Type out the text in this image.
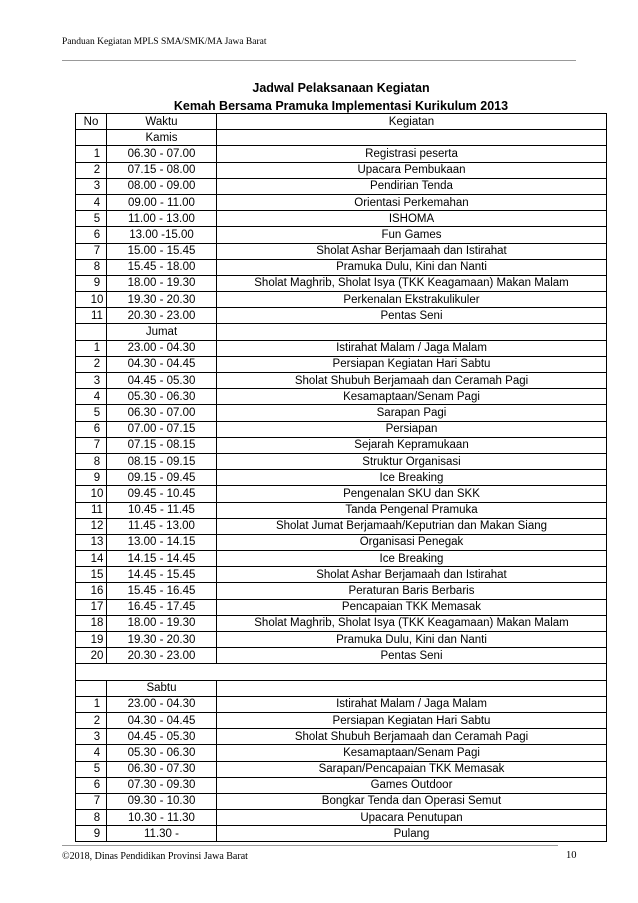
Panduan Kegiatan MPLS SMA/SMK/MA Jawa Barat
Jadwal Pelaksanaan Kegiatan
Kemah Bersama Pramuka Implementasi Kurikulum 2013
No	Waktu	Kegiatan
	Kamis	
1	06.30 - 07.00	Registrasi peserta
2	07.15 - 08.00	Upacara Pembukaan
3	08.00 - 09.00	Pendirian Tenda
4	09.00 - 11.00	Orientasi Perkemahan
5	11.00 - 13.00	ISHOMA
6	13.00 -15.00	Fun Games
7	15.00 - 15.45	Sholat Ashar Berjamaah dan Istirahat
8	15.45 - 18.00	Pramuka Dulu, Kini dan Nanti
9	18.00 - 19.30	Sholat Maghrib, Sholat Isya (TKK Keagamaan) Makan Malam
10	19.30 - 20.30	Perkenalan Ekstrakulikuler
11	20.30 - 23.00	Pentas Seni
	Jumat	
1	23.00 - 04.30	Istirahat Malam / Jaga Malam
2	04.30 - 04.45	Persiapan Kegiatan Hari Sabtu
3	04.45 - 05.30	Sholat Shubuh Berjamaah dan Ceramah Pagi
4	05.30 - 06.30	Kesamaptaan/Senam Pagi
5	06.30 - 07.00	Sarapan Pagi
6	07.00 - 07.15	Persiapan
7	07.15 - 08.15	Sejarah Kepramukaan
8	08.15 - 09.15	Struktur Organisasi
9	09.15 - 09.45	Ice Breaking
10	09.45 - 10.45	Pengenalan SKU dan SKK
11	10.45 - 11.45	Tanda Pengenal Pramuka
12	11.45 - 13.00	Sholat Jumat Berjamaah/Keputrian dan Makan Siang
13	13.00 - 14.15	Organisasi Penegak
14	14.15 - 14.45	Ice Breaking
15	14.45 - 15.45	Sholat Ashar Berjamaah dan Istirahat
16	15.45 - 16.45	Peraturan Baris Berbaris
17	16.45 - 17.45	Pencapaian TKK Memasak
18	18.00 - 19.30	Sholat Maghrib, Sholat Isya (TKK Keagamaan) Makan Malam
19	19.30 - 20.30	Pramuka Dulu, Kini dan Nanti
20	20.30 - 23.00	Pentas Seni

	Sabtu	
1	23.00 - 04.30	Istirahat Malam / Jaga Malam
2	04.30 - 04.45	Persiapan Kegiatan Hari Sabtu
3	04.45 - 05.30	Sholat Shubuh Berjamaah dan Ceramah Pagi
4	05.30 - 06.30	Kesamaptaan/Senam Pagi
5	06.30 - 07.30	Sarapan/Pencapaian TKK Memasak
6	07.30 - 09.30	Games Outdoor
7	09.30 - 10.30	Bongkar Tenda dan Operasi Semut
8	10.30 - 11.30	Upacara Penutupan
9	11.30 -	Pulang
©2018, Dinas Pendidikan Provinsi Jawa Barat	10
